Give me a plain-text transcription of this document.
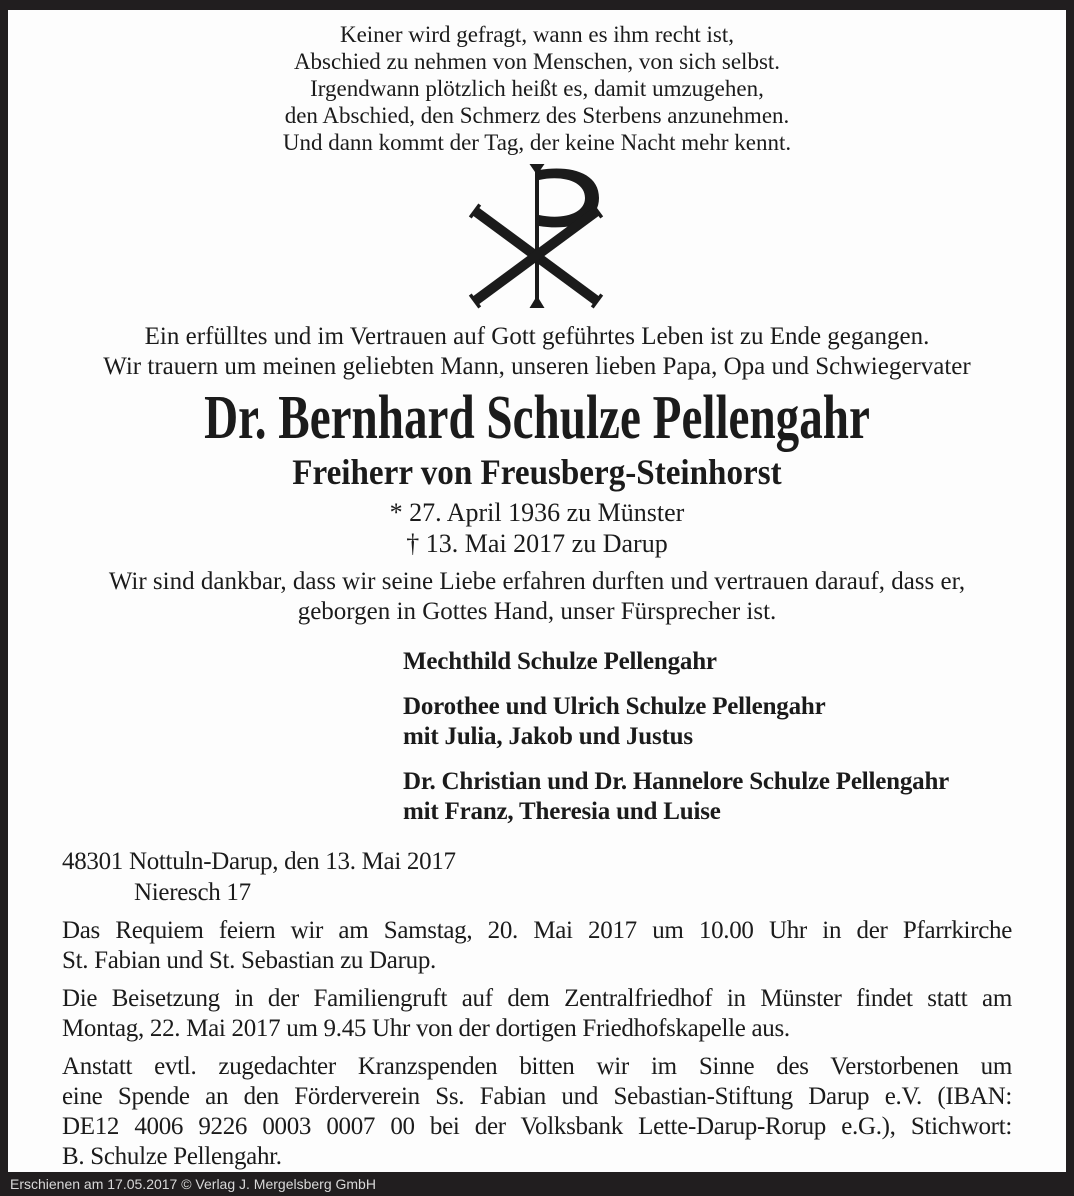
Keiner wird gefragt, wann es ihm recht ist,
Abschied zu nehmen von Menschen, von sich selbst.
Irgendwann plötzlich heißt es, damit umzugehen,
den Abschied, den Schmerz des Sterbens anzunehmen.
Und dann kommt der Tag, der keine Nacht mehr kennt.
Ein erfülltes und im Vertrauen auf Gott geführtes Leben ist zu Ende gegangen.
Wir trauern um meinen geliebten Mann, unseren lieben Papa, Opa und Schwiegervater
Dr. Bernhard Schulze Pellengahr
Freiherr von Freusberg-Steinhorst
* 27. April 1936 zu Münster
† 13. Mai 2017 zu Darup
Wir sind dankbar, dass wir seine Liebe erfahren durften und vertrauen darauf, dass er,
geborgen in Gottes Hand, unser Fürsprecher ist.
Mechthild Schulze Pellengahr
Dorothee und Ulrich Schulze Pellengahr
mit Julia, Jakob und Justus
Dr. Christian und Dr. Hannelore Schulze Pellengahr
mit Franz, Theresia und Luise
48301 Nottuln-Darup, den 13. Mai 2017
Nieresch 17
Das Requiem feiern wir am Samstag, 20. Mai 2017 um 10.00 Uhr in der Pfarrkirche
St. Fabian und St. Sebastian zu Darup.
Die Beisetzung in der Familiengruft auf dem Zentralfriedhof in Münster findet statt am
Montag, 22. Mai 2017 um 9.45 Uhr von der dortigen Friedhofskapelle aus.
Anstatt evtl. zugedachter Kranzspenden bitten wir im Sinne des Verstorbenen um
eine Spende an den Förderverein Ss. Fabian und Sebastian-Stiftung Darup e.V. (IBAN:
DE12 4006 9226 0003 0007 00 bei der Volksbank Lette-Darup-Rorup e.G.), Stichwort:
B. Schulze Pellengahr.
Erschienen am 17.05.2017 © Verlag J. Mergelsberg GmbH
